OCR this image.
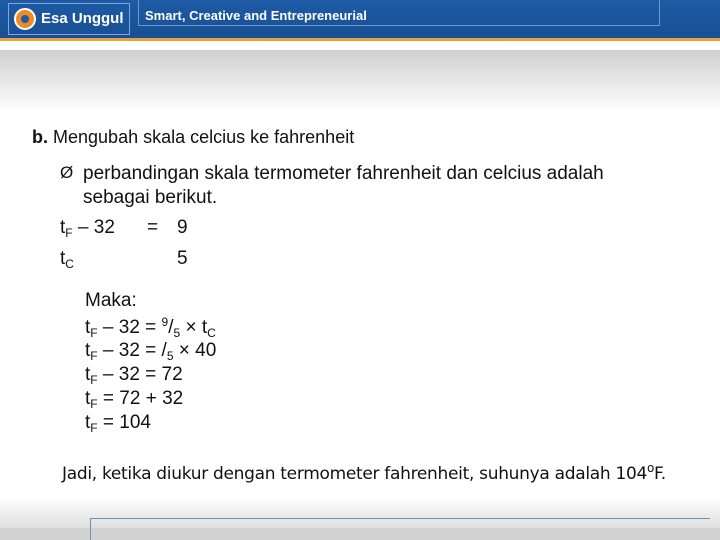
Esa Unggul Smart, Creative and Entrepreneurial
b. Mengubah skala celcius ke fahrenheit
Ø perbandingan skala termometer fahrenheit dan celcius adalah
sebagai berikut.
$t_F - 32 = 9$
$t_C$	5
Maka:
$t_F - 32 = ^9/_5 \times t_C$
$t_F - 32 = /_5 \times 40$
$t_F - 32 = 72$
$t_F = 72 + 32$
$t_F = 104$
Jadi, ketika diukur dengan termometer fahrenheit, suhunya adalah 104$^o$F.
